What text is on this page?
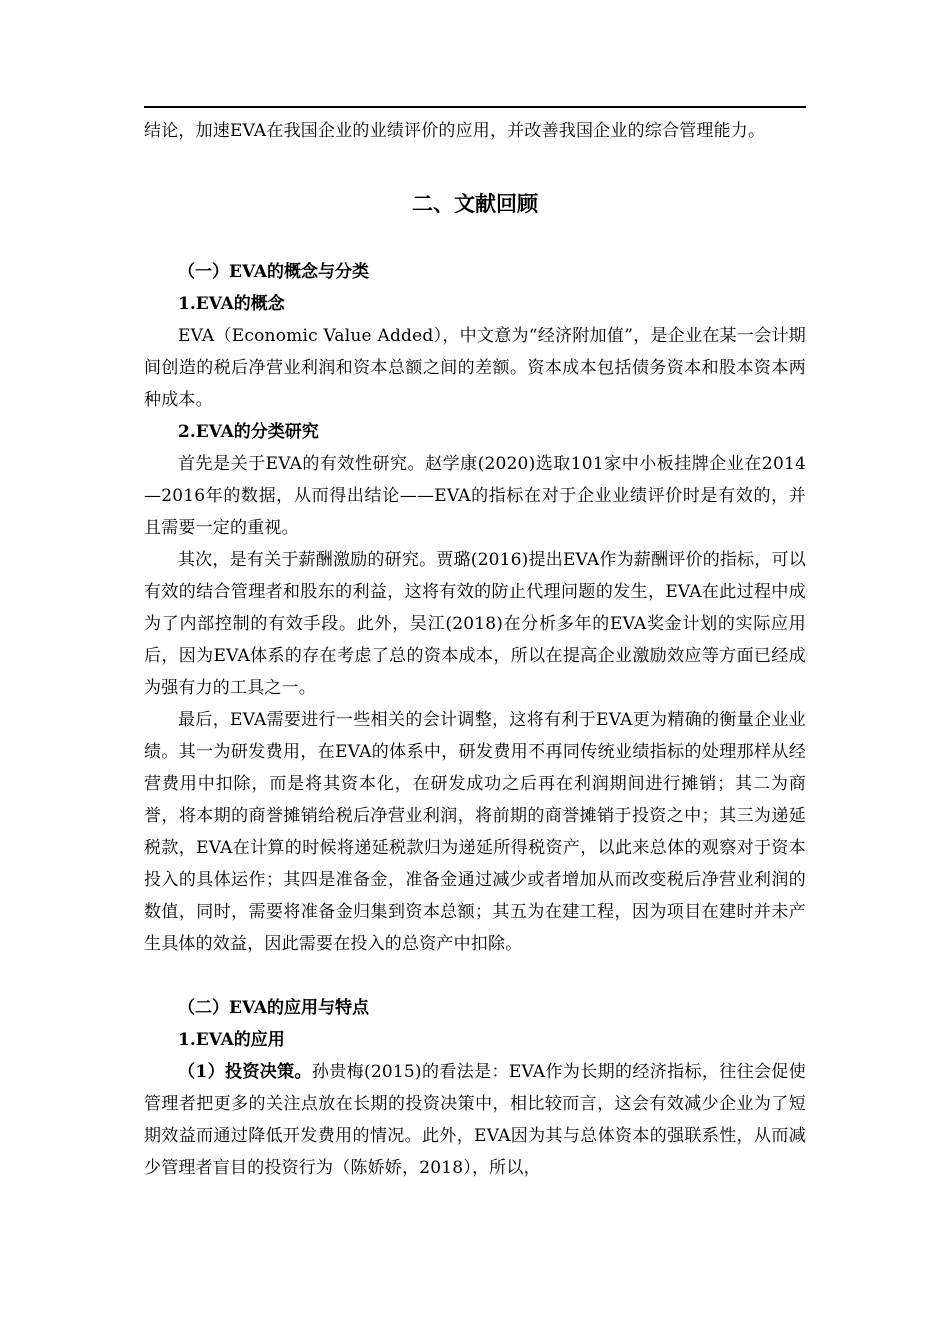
结论，加速EVA在我国企业的业绩评价的应用，并改善我国企业的综合管理能力。
二、文献回顾
（一）EVA的概念与分类
1.EVA的概念
EVA（Economic Value Added），中文意为“经济附加值”，是企业在某一会计期间创造的税后净营业利润和资本总额之间的差额。资本成本包括债务资本和股本资本两种成本。
2.EVA的分类研究
首先是关于EVA的有效性研究。赵学康(2020)选取101家中小板挂牌企业在2014—2016年的数据，从而得出结论——EVA的指标在对于企业业绩评价时是有效的，并且需要一定的重视。
其次，是有关于薪酬激励的研究。贾璐(2016)提出EVA作为薪酬评价的指标，可以有效的结合管理者和股东的利益，这将有效的防止代理问题的发生，EVA在此过程中成为了内部控制的有效手段。此外，吴江(2018)在分析多年的EVA奖金计划的实际应用后，因为EVA体系的存在考虑了总的资本成本，所以在提高企业激励效应等方面已经成为强有力的工具之一。
最后，EVA需要进行一些相关的会计调整，这将有利于EVA更为精确的衡量企业业绩。其一为研发费用，在EVA的体系中，研发费用不再同传统业绩指标的处理那样从经营费用中扣除，而是将其资本化，在研发成功之后再在利润期间进行摊销；其二为商誉，将本期的商誉摊销给税后净营业利润，将前期的商誉摊销于投资之中；其三为递延税款，EVA在计算的时候将递延税款归为递延所得税资产，以此来总体的观察对于资本投入的具体运作；其四是准备金，准备金通过减少或者增加从而改变税后净营业利润的数值，同时，需要将准备金归集到资本总额；其五为在建工程，因为项目在建时并未产生具体的效益，因此需要在投入的总资产中扣除。
（二）EVA的应用与特点
1.EVA的应用
（1）投资决策。孙贵梅(2015)的看法是：EVA作为长期的经济指标，往往会促使管理者把更多的关注点放在长期的投资决策中，相比较而言，这会有效减少企业为了短期效益而通过降低开发费用的情况。此外，EVA因为其与总体资本的强联系性，从而减少管理者盲目的投资行为（陈娇娇，2018），所以，
